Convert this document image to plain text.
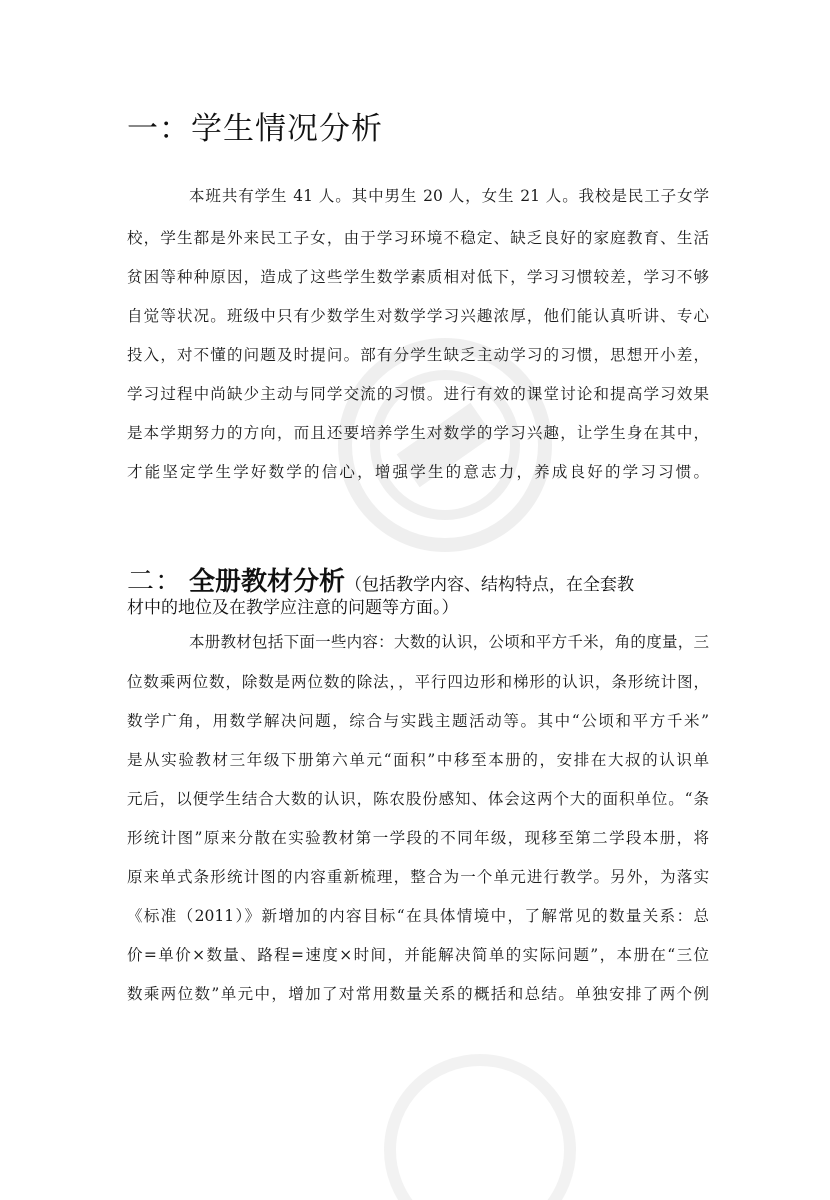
一：学生情况分析
本班共有学生 41 人。其中男生 20 人，女生 21 人。我校是民工子女学
校，学生都是外来民工子女，由于学习环境不稳定、缺乏良好的家庭教育、生活
贫困等种种原因，造成了这些学生数学素质相对低下，学习习惯较差，学习不够
自觉等状况。班级中只有少数学生对数学学习兴趣浓厚，他们能认真听讲、专心
投入，对不懂的问题及时提问。部有分学生缺乏主动学习的习惯，思想开小差，
学习过程中尚缺少主动与同学交流的习惯。进行有效的课堂讨论和提高学习效果
是本学期努力的方向，而且还要培养学生对数学的学习兴趣，让学生身在其中，
才能坚定学生学好数学的信心，增强学生的意志力，养成良好的学习习惯。
二： 全册教材分析（包括教学内容、结构特点，在全套教
材中的地位及在教学应注意的问题等方面。）
本册教材包括下面一些内容：大数的认识，公顷和平方千米，角的度量，三
位数乘两位数，除数是两位数的除法，，平行四边形和梯形的认识，条形统计图，
数学广角，用数学解决问题，综合与实践主题活动等。其中“公顷和平方千米”
是从实验教材三年级下册第六单元“面积”中移至本册的，安排在大叔的认识单
元后，以便学生结合大数的认识，陈农股份感知、体会这两个大的面积单位。“条
形统计图”原来分散在实验教材第一学段的不同年级，现移至第二学段本册，将
原来单式条形统计图的内容重新梳理，整合为一个单元进行教学。另外，为落实
《标准（2011）》新增加的内容目标“在具体情境中，了解常见的数量关系：总
价=单价×数量、路程=速度×时间，并能解决简单的实际问题”，本册在“三位
数乘两位数”单元中，增加了对常用数量关系的概括和总结。单独安排了两个例
